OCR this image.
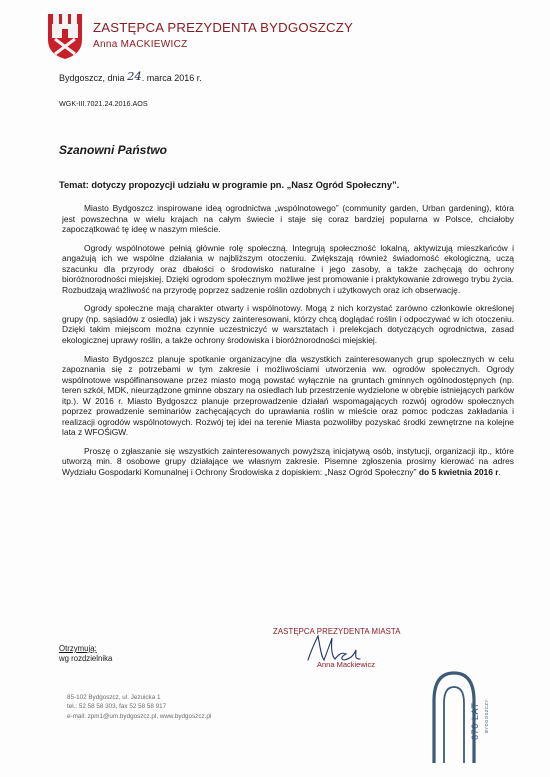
ZASTĘPCA PREZYDENTA BYDGOSZCZY
Anna MACKIEWICZ
Bydgoszcz, dnia 24. marca 2016 r.
WGK-III.7021.24.2016.AOS
Szanowni Państwo
Temat: dotyczy propozycji udziału w programie pn. „Nasz Ogród Społeczny”.

Miasto Bydgoszcz inspirowane ideą ogrodnictwa „wspólnotowego” (community garden, Urban gardening), która jest powszechna w wielu krajach na całym świecie i staje się coraz bardziej popularna w Polsce, chciałoby zapoczątkować tę ideę w naszym mieście.

Ogrody wspólnotowe pełnią głównie rolę społeczną. Integrują społeczność lokalną, aktywizują mieszkańców i angażują ich we wspólne działania w najbliższym otoczeniu. Zwiększają również świadomość ekologiczną, uczą szacunku dla przyrody oraz dbałości o środowisko naturalne i jego zasoby, a także zachęcają do ochrony bioróżnorodności miejskiej. Dzięki ogrodom społecznym możliwe jest promowanie i praktykowanie zdrowego trybu życia. Rozbudzają wrażliwość na przyrodę poprzez sadzenie roślin ozdobnych i użytkowych oraz ich obserwację.

Ogrody społeczne mają charakter otwarty i wspólnotowy. Mogą z nich korzystać zarówno członkowie określonej grupy (np. sąsiadów z osiedla) jak i wszyscy zainteresowani, którzy chcą doglądać roślin i odpoczywać w ich otoczeniu. Dzięki takim miejscom można czynnie uczestniczyć w warsztatach i prelekcjach dotyczących ogrodnictwa, zasad ekologicznej uprawy roślin, a także ochrony środowiska i bioróżnorodności miejskiej.

Miasto Bydgoszcz planuje spotkanie organizacyjne dla wszystkich zainteresowanych grup społecznych w celu zapoznania się z potrzebami w tym zakresie i możliwościami utworzenia ww. ogrodów społecznych. Ogrody wspólnotowe współfinansowane przez miasto mogą powstać wyłącznie na gruntach gminnych ogólnodostępnych (np. teren szkół, MDK, nieurządzone gminne obszary na osiedlach lub przestrzenie wydzielone w obrębie istniejących parków itp.). W 2016 r. Miasto Bydgoszcz planuje przeprowadzenie działań wspomagających rozwój ogrodów społecznych poprzez prowadzenie seminariów zachęcających do uprawiania roślin w mieście oraz pomoc podczas zakładania i realizacji ogrodów wspólnotowych. Rozwój tej idei na terenie Miasta pozwoliłby pozyskać środki zewnętrzne na kolejne lata z WFOŚiGW.

Proszę o zgłaszanie się wszystkich zainteresowanych powyższą inicjatywą osób, instytucji, organizacji itp., które utworzą min. 8 osobowe grupy działające we własnym zakresie. Pisemne zgłoszenia prosimy kierować na adres Wydziału Gospodarki Komunalnej i Ochrony Środowiska z dopiskiem: „Nasz Ogród Społeczny” do 5 kwietnia 2016 r.

ZASTĘPCA PREZYDENTA MIASTA
Anna Mackiewicz
Otrzymują:
wg rozdzielnika
85-102 Bydgoszcz, ul. Jezuicka 1
tel.: 52 58 58 303, fax 52 58 58 917
e-mail: zpm1@um.bydgoszcz.pl, www.bydgoszcz.pl	670 LAT BYDGOSZCZY
